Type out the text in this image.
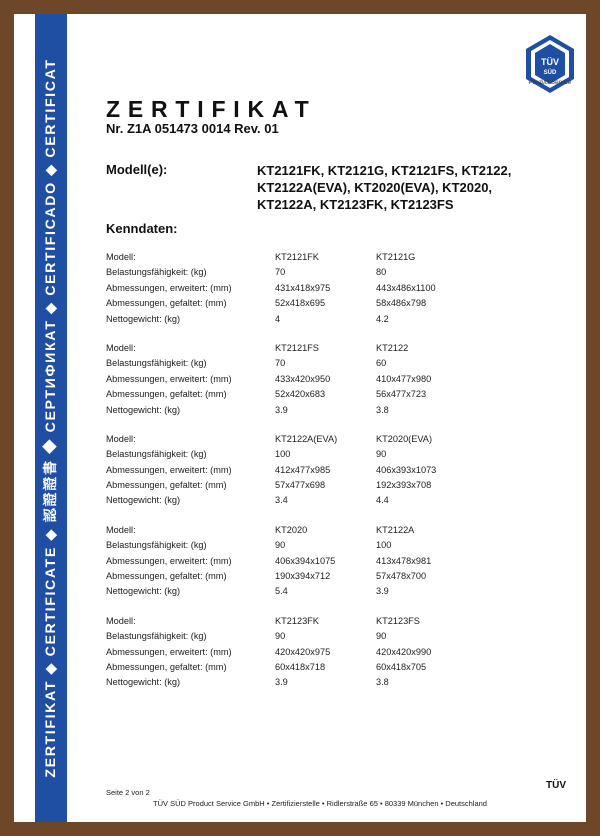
ZERTIFIKAT ◆ CERTIFICATE ◆ 認證證書 ◆ СЕРТИФИКАТ ◆ CERTIFICADO ◆ CERTIFICAT	TÜV
SÜD
Product Service
ZERTIFIKAT
Nr. Z1A 051473 0014 Rev. 01
Modell(e):	KT2121FK, KT2121G, KT2121FS, KT2122,
KT2122A(EVA), KT2020(EVA), KT2020,
KT2122A, KT2123FK, KT2123FS
Kenndaten:
Modell:	KT2121FK	KT2121G
Belastungsfähigkeit: (kg)	70	80
Abmessungen, erweitert: (mm)	431x418x975	443x486x1100
Abmessungen, gefaltet: (mm)	52x418x695	58x486x798
Nettogewicht: (kg)	4	4.2
Modell:	KT2121FS	KT2122
Belastungsfähigkeit: (kg)	70	60
Abmessungen, erweitert: (mm)	433x420x950	410x477x980
Abmessungen, gefaltet: (mm)	52x420x683	56x477x723
Nettogewicht: (kg)	3.9	3.8
Modell:	KT2122A(EVA)	KT2020(EVA)
Belastungsfähigkeit: (kg)	100	90
Abmessungen, erweitert: (mm)	412x477x985	406x393x1073
Abmessungen, gefaltet: (mm)	57x477x698	192x393x708
Nettogewicht: (kg)	3.4	4.4
Modell:	KT2020	KT2122A
Belastungsfähigkeit: (kg)	90	100
Abmessungen, erweitert: (mm)	406x394x1075	413x478x981
Abmessungen, gefaltet: (mm)	190x394x712	57x478x700
Nettogewicht: (kg)	5.4	3.9
Modell:	KT2123FK	KT2123FS
Belastungsfähigkeit: (kg)	90	90
Abmessungen, erweitert: (mm)	420x420x975	420x420x990
Abmessungen, gefaltet: (mm)	60x418x718	60x418x705
Nettogewicht: (kg)	3.9	3.8
Seite 2 von 2
TÜV SÜD Product Service GmbH • Zertifizierstelle • Ridlerstraße 65 • 80339 München • Deutschland
TÜV
